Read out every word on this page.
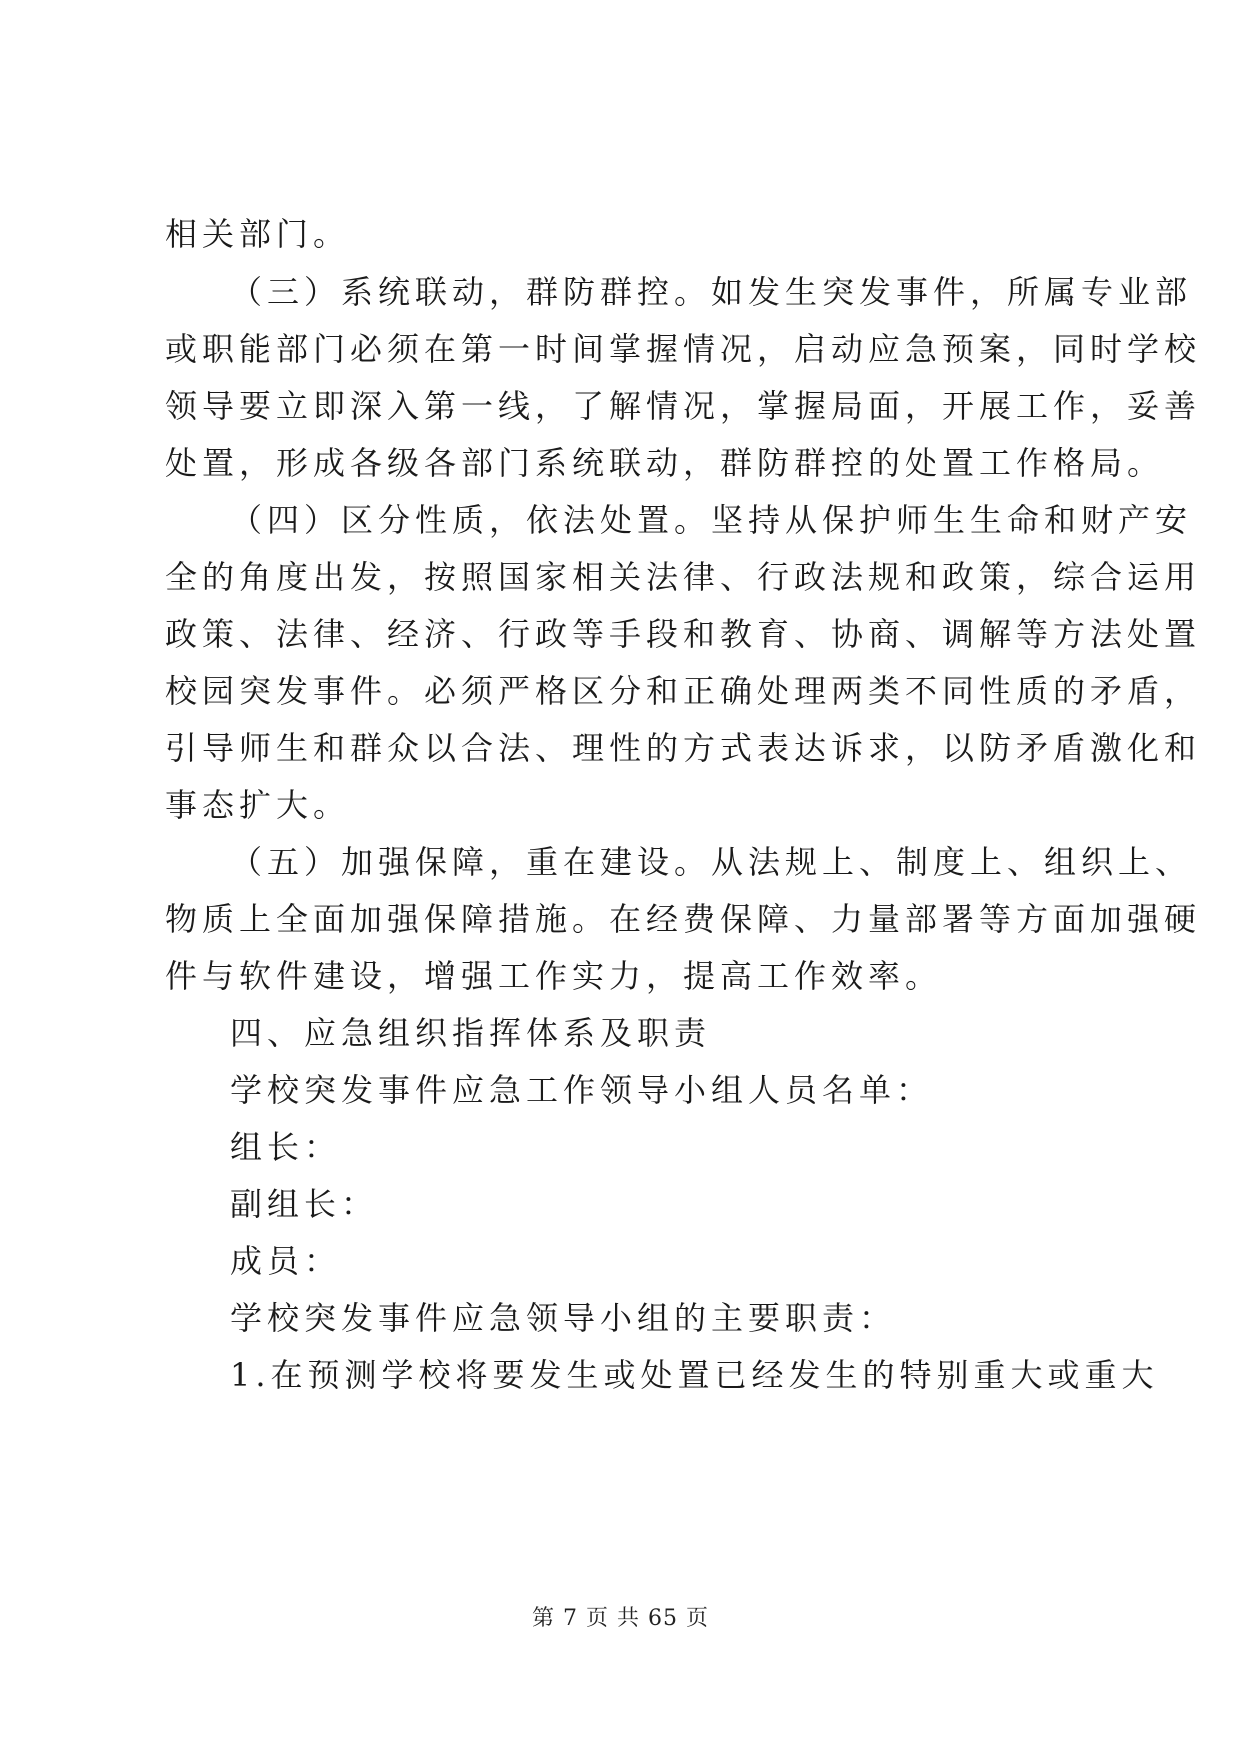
相关部门。
（三）系统联动，群防群控。如发生突发事件，所属专业部
或职能部门必须在第一时间掌握情况，启动应急预案，同时学校
领导要立即深入第一线，了解情况，掌握局面，开展工作，妥善
处置，形成各级各部门系统联动，群防群控的处置工作格局。
（四）区分性质，依法处置。坚持从保护师生生命和财产安
全的角度出发，按照国家相关法律、行政法规和政策，综合运用
政策、法律、经济、行政等手段和教育、协商、调解等方法处置
校园突发事件。必须严格区分和正确处理两类不同性质的矛盾，
引导师生和群众以合法、理性的方式表达诉求，以防矛盾激化和
事态扩大。
（五）加强保障，重在建设。从法规上、制度上、组织上、
物质上全面加强保障措施。在经费保障、力量部署等方面加强硬
件与软件建设，增强工作实力，提高工作效率。
四、应急组织指挥体系及职责
学校突发事件应急工作领导小组人员名单：
组长：
副组长：
成员：
学校突发事件应急领导小组的主要职责：
1.在预测学校将要发生或处置已经发生的特别重大或重大
第 7 页 共 65 页
